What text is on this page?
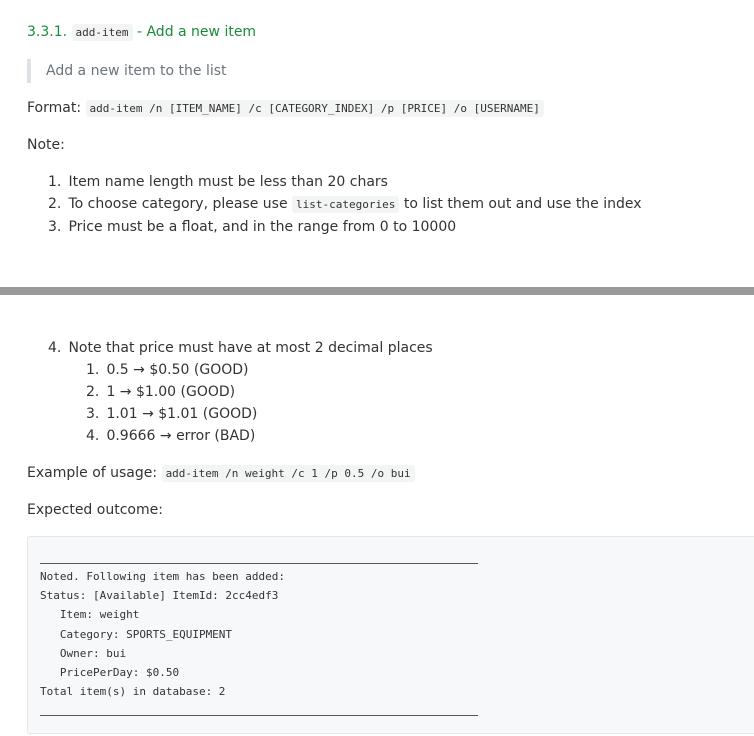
3.3.1. add-item - Add a new item
Add a new item to the list
Format: add-item /n [ITEM_NAME] /c [CATEGORY_INDEX] /p [PRICE] /o [USERNAME]
Note:
1. Item name length must be less than 20 chars
2. To choose category, please use list-categories to list them out and use the index
3. Price must be a float, and in the range from 0 to 10000
4. Note that price must have at most 2 decimal places
1. 0.5 → $0.50 (GOOD)
2. 1 → $1.00 (GOOD)
3. 1.01 → $1.01 (GOOD)
4. 0.9666 → error (BAD)
Example of usage: add-item /n weight /c 1 /p 0.5 /o bui
Expected outcome:
Noted. Following item has been added:
Status: [Available] ItemId: 2cc4edf3
Item: weight
Category: SPORTS_EQUIPMENT
Owner: bui
PricePerDay: $0.50
Total item(s) in database: 2
